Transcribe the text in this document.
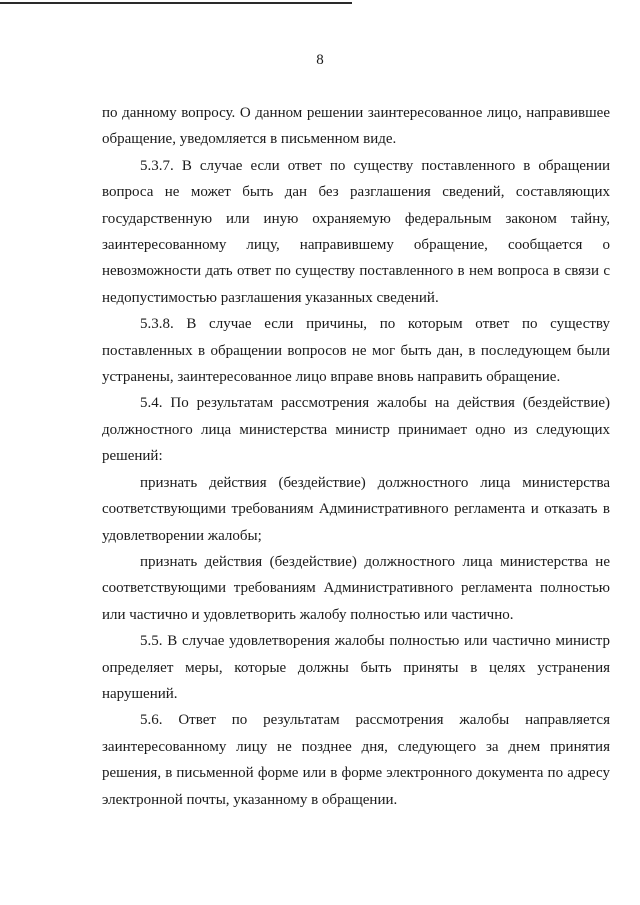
8

по данному вопросу. О данном решении заинтересованное лицо, направившее обращение, уведомляется в письменном виде.

5.3.7. В случае если ответ по существу поставленного в обращении вопроса не может быть дан без разглашения сведений, составляющих государственную или иную охраняемую федеральным законом тайну, заинтересованному лицу, направившему обращение, сообщается о невозможности дать ответ по существу поставленного в нем вопроса в связи с недопустимостью разглашения указанных сведений.

5.3.8. В случае если причины, по которым ответ по существу поставленных в обращении вопросов не мог быть дан, в последующем были устранены, заинтересованное лицо вправе вновь направить обращение.

5.4. По результатам рассмотрения жалобы на действия (бездействие) должностного лица министерства министр принимает одно из следующих решений:

признать действия (бездействие) должностного лица министерства соответствующими требованиям Административного регламента и отказать в удовлетворении жалобы;

признать действия (бездействие) должностного лица министерства не соответствующими требованиям Административного регламента полностью или частично и удовлетворить жалобу полностью или частично.

5.5. В случае удовлетворения жалобы полностью или частично министр определяет меры, которые должны быть приняты в целях устранения нарушений.

5.6. Ответ по результатам рассмотрения жалобы направляется заинтересованному лицу не позднее дня, следующего за днем принятия решения, в письменной форме или в форме электронного документа по адресу электронной почты, указанному в обращении.
